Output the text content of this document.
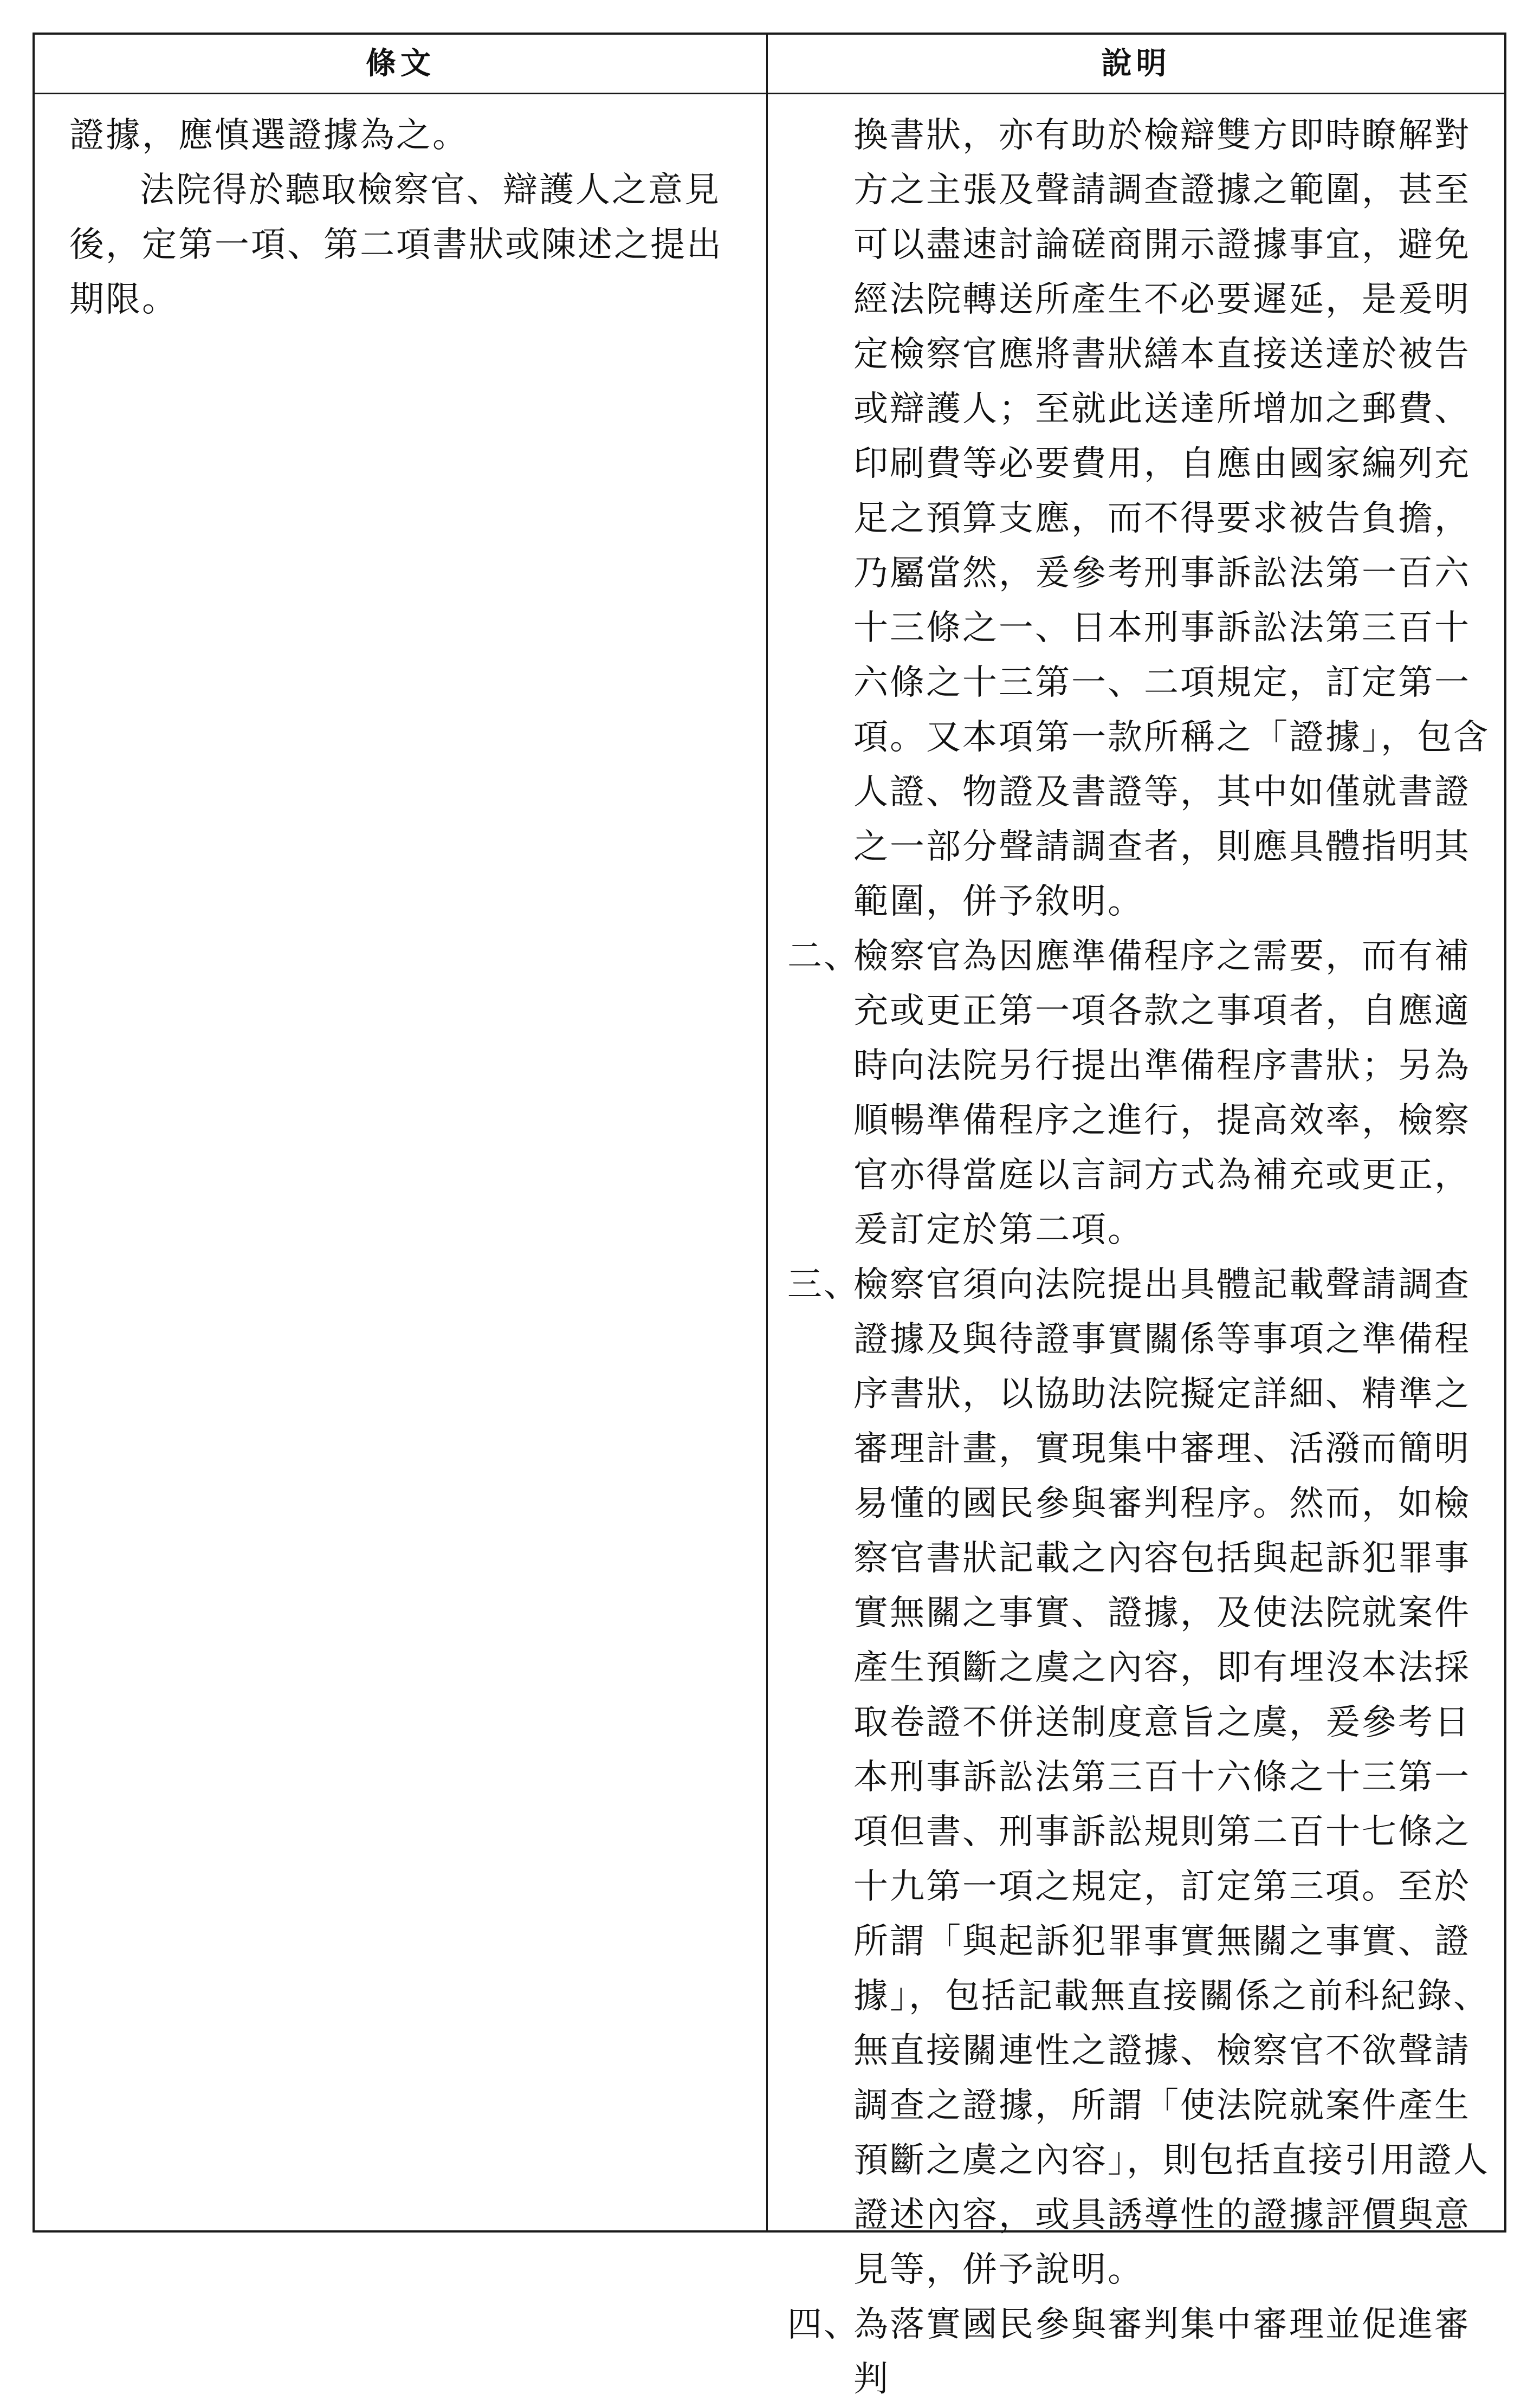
條文	說明

證據，應慎選證據為之。

法院得於聽取檢察官、辯護人之意見後，定第一項、第二項書狀或陳述之提出期限。

換書狀，亦有助於檢辯雙方即時瞭解對方之主張及聲請調查證據之範圍，甚至可以盡速討論磋商開示證據事宜，避免經法院轉送所產生不必要遲延，是爰明定檢察官應將書狀繕本直接送達於被告或辯護人；至就此送達所增加之郵費、印刷費等必要費用，自應由國家編列充足之預算支應，而不得要求被告負擔，乃屬當然，爰參考刑事訴訟法第一百六十三條之一、日本刑事訴訟法第三百十六條之十三第一、二項規定，訂定第一項。又本項第一款所稱之「證據」，包含人證、物證及書證等，其中如僅就書證之一部分聲請調查者，則應具體指明其範圍，併予敘明。

二、檢察官為因應準備程序之需要，而有補充或更正第一項各款之事項者，自應適時向法院另行提出準備程序書狀；另為順暢準備程序之進行，提高效率，檢察官亦得當庭以言詞方式為補充或更正，爰訂定於第二項。

三、檢察官須向法院提出具體記載聲請調查證據及與待證事實關係等事項之準備程序書狀，以協助法院擬定詳細、精準之審理計畫，實現集中審理、活潑而簡明易懂的國民參與審判程序。然而，如檢察官書狀記載之內容包括與起訴犯罪事實無關之事實、證據，及使法院就案件產生預斷之虞之內容，即有埋沒本法採取卷證不併送制度意旨之虞，爰參考日本刑事訴訟法第三百十六條之十三第一項但書、刑事訴訟規則第二百十七條之十九第一項之規定，訂定第三項。至於所謂「與起訴犯罪事實無關之事實、證據」，包括記載無直接關係之前科紀錄、無直接關連性之證據、檢察官不欲聲請調查之證據，所謂「使法院就案件產生預斷之虞之內容」，則包括直接引用證人證述內容，或具誘導性的證據評價與意見等，併予說明。

四、為落實國民參與審判集中審理並促進審判
